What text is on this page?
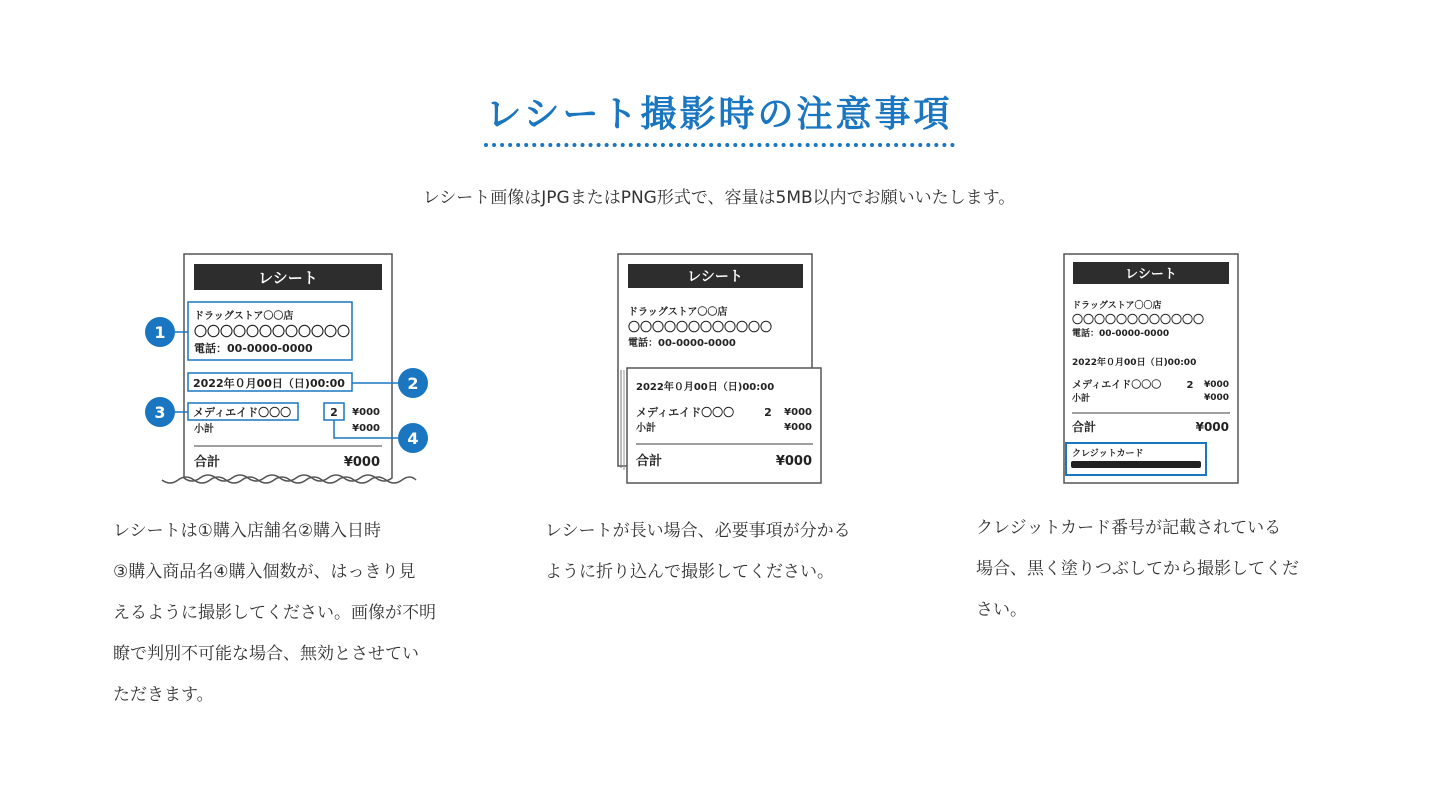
レシート撮影時の注意事項
レシート画像はJPGまたはPNG形式で、容量は5MB以内でお願いいたします。
レシート
ドラッグストア〇〇店
〇〇〇〇〇〇〇〇〇〇〇〇
電話：00-0000-0000
2022年０月00日（日)00:00
メディエイド〇〇〇	2 ¥000
小計	¥000
合計	¥000
1
2
3
4
レシート
ドラッグストア〇〇店
〇〇〇〇〇〇〇〇〇〇〇〇
電話：00-0000-0000
2022年０月00日（日)00:00
メディエイド〇〇〇	2 ¥000
小計	¥000
合計	¥000
レシート
ドラッグストア〇〇店
〇〇〇〇〇〇〇〇〇〇〇〇
電話：00-0000-0000
2022年０月00日（日)00:00
メディエイド〇〇〇	2 ¥000
小計	¥000
合計	¥000
クレジットカード
レシートは①購入店舗名②購入日時
③購入商品名④購入個数が、はっきり見
えるように撮影してください。画像が不明
瞭で判別不可能な場合、無効とさせてい
ただきます。
レシートが長い場合、必要事項が分かる
ように折り込んで撮影してください。
クレジットカード番号が記載されている
場合、黒く塗りつぶしてから撮影してくだ
さい。
